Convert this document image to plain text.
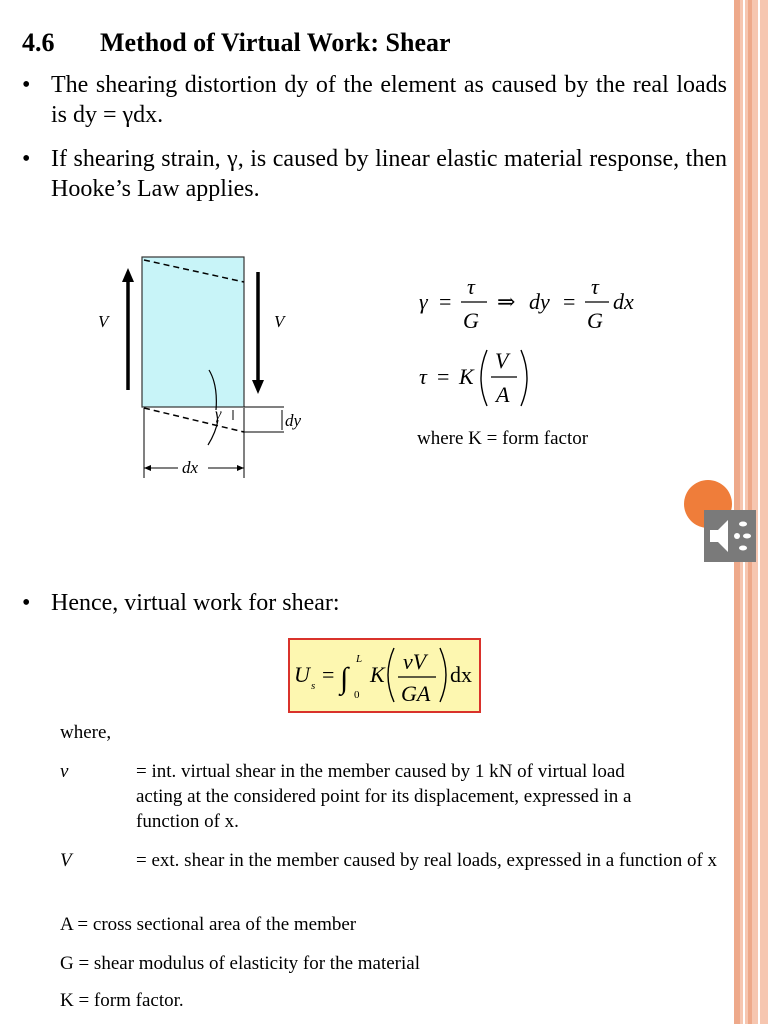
4.6 Method of Virtual Work: Shear
• The shearing distortion dy of the element as caused by the real loads is dy = γdx.
• If shearing strain, γ, is caused by linear elastic material response, then Hooke’s Law applies.
V	V
γ	dy
dx
γ =
τ
G
⇒ dy =
τ
G
dx
τ = K
V
A
where K = form factor
• Hence, virtual work for shear:
U s = ∫
L
0
K
vV
GA
dx
where,
v	= int. virtual shear in the member caused by 1 kN of virtual load acting at the considered point for its displacement, expressed in a function of x.
V	= ext. shear in the member caused by real loads, expressed in a function of x
A = cross sectional area of the member
G = shear modulus of elasticity for the material
K = form factor.
